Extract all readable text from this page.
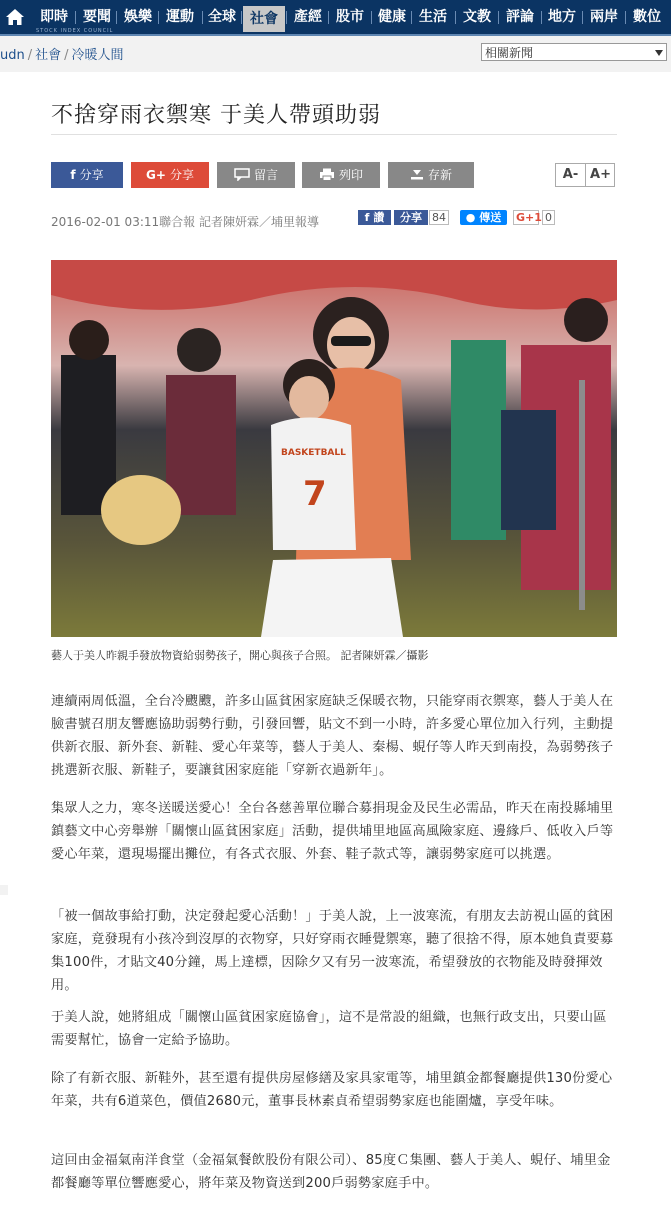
即時	要聞 娛樂	運動	全球	社會	產經	股市	健康 生活	文教	評論	地方	兩岸	數位
STOCK INDEX COUNCIL
udn / 社會 / 冷暖人間	相關新聞
不捨穿雨衣禦寒 于美人帶頭助弱
f 分享	G+ 分享	留言	列印	存新	A- A+
2016-02-01 03:11聯合報 記者陳妍霖／埔里報導	f 讚	分享 84	● 傳送	G+1 0
BASKETBALL
7
藝人于美人昨親手發放物資給弱勢孩子，開心與孩子合照。 記者陳妍霖／攝影

連續兩周低溫，全台冷颼颼，許多山區貧困家庭缺乏保暖衣物，只能穿雨衣禦寒，藝人于美人在臉書號召朋友響應協助弱勢行動，引發回響，貼文不到一小時，許多愛心單位加入行列，主動提供新衣服、新外套、新鞋、愛心年菜等，藝人于美人、秦楊、蜆仔等人昨天到南投，為弱勢孩子挑選新衣服、新鞋子，要讓貧困家庭能「穿新衣過新年」。

集眾人之力，寒冬送暖送愛心！全台各慈善單位聯合募捐現金及民生必需品，昨天在南投縣埔里鎮藝文中心旁舉辦「關懷山區貧困家庭」活動，提供埔里地區高風險家庭、邊緣戶、低收入戶等愛心年菜，還現場擺出攤位，有各式衣服、外套、鞋子款式等，讓弱勢家庭可以挑選。

「被一個故事給打動，決定發起愛心活動！」于美人說，上一波寒流，有朋友去訪視山區的貧困家庭，竟發現有小孩冷到沒厚的衣物穿，只好穿雨衣睡覺禦寒，聽了很捨不得，原本她負責要募集100件，才貼文40分鐘，馬上達標，因除夕又有另一波寒流，希望發放的衣物能及時發揮效用。

于美人說，她將組成「關懷山區貧困家庭協會」，這不是常設的組織，也無行政支出，只要山區需要幫忙，協會一定給予協助。

除了有新衣服、新鞋外，甚至還有提供房屋修繕及家具家電等，埔里鎮金都餐廳提供130份愛心年菜，共有6道菜色，價值2680元，董事長林素貞希望弱勢家庭也能圍爐，享受年味。

這回由金福氣南洋食堂（金福氣餐飲股份有限公司）、85度Ｃ集團、藝人于美人、蜆仔、埔里金都餐廳等單位響應愛心，將年菜及物資送到200戶弱勢家庭手中。
